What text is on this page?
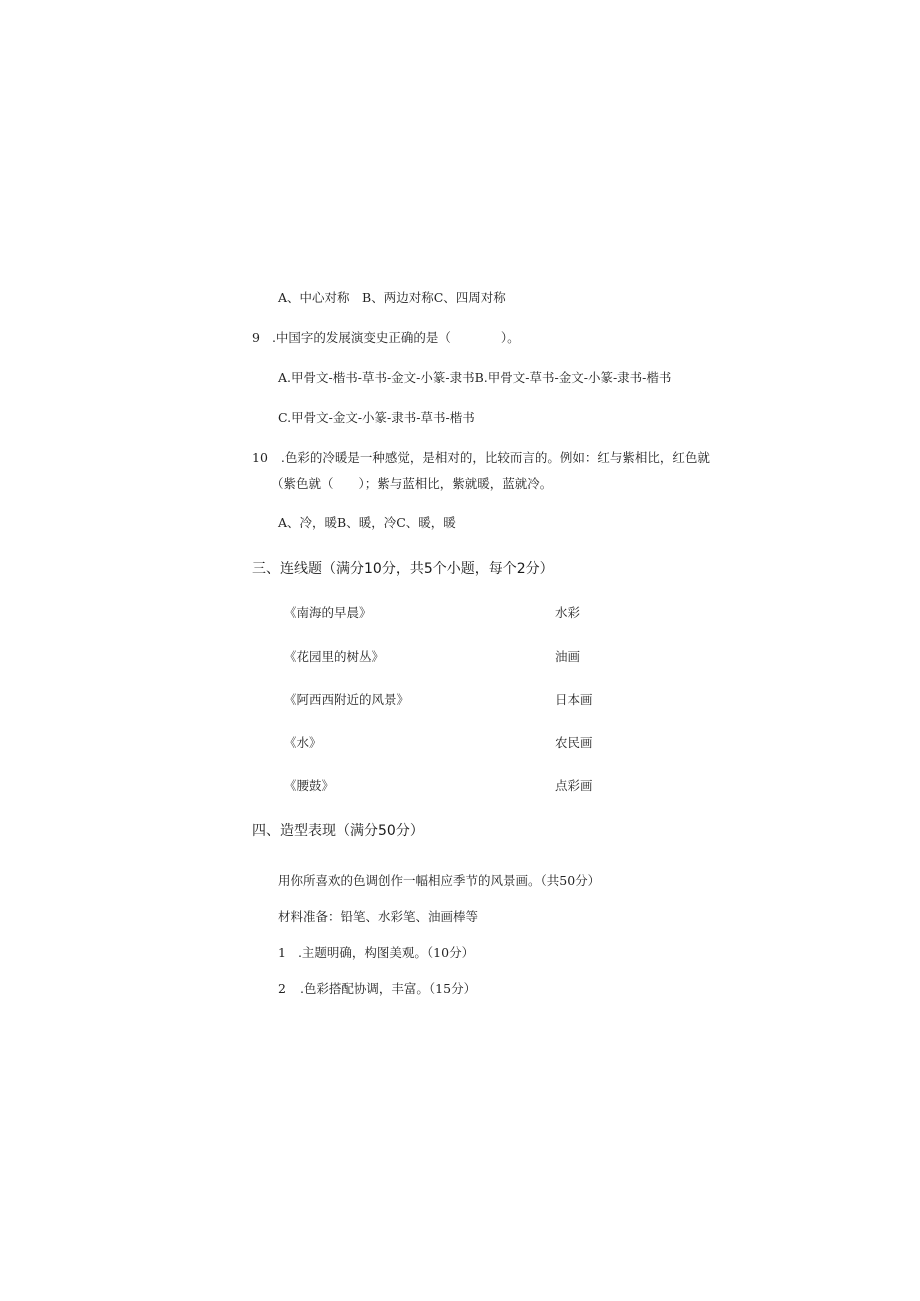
A、中心对称　B、两边对称C、四周对称
9 .中国字的发展演变史正确的是（　　　　）。
A.甲骨文-楷书-草书-金文-小篆-隶书B.甲骨文-草书-金文-小篆-隶书-楷书
C.甲骨文-金文-小篆-隶书-草书-楷书
10 .色彩的冷暖是一种感觉，是相对的，比较而言的。例如：红与紫相比，红色就
（紫色就（　　）；紫与蓝相比，紫就暖，蓝就冷。
A、冷，暖B、暖，冷C、暖，暖
三、连线题（满分10分，共5个小题，每个2分）
《南海的早晨》	水彩
《花园里的树丛》	油画
《阿西西附近的风景》	日本画
《水》	农民画
《腰鼓》	点彩画
四、造型表现（满分50分）
用你所喜欢的色调创作一幅相应季节的风景画。（共50分）
材料准备：铅笔、水彩笔、油画棒等
1 .主题明确，构图美观。（10分）
2 .色彩搭配协调，丰富。（15分）
